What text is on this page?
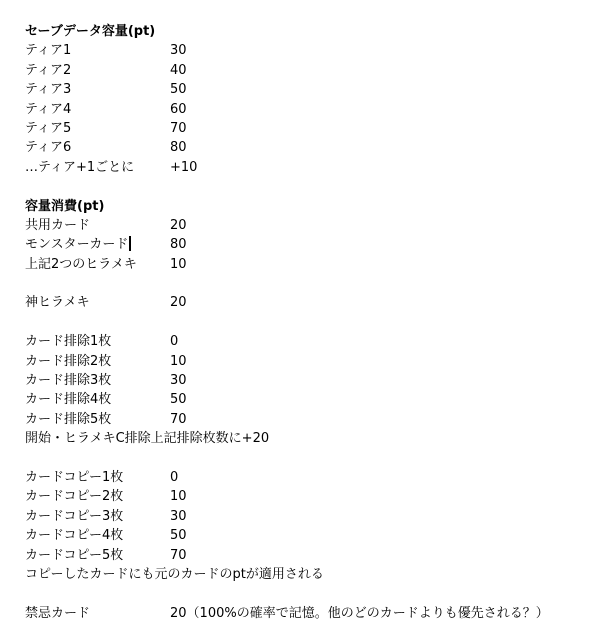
セーブデータ容量(pt)
ティア1	30
ティア2	40
ティア3	50
ティア4	60
ティア5	70
ティア6	80
…ティア+1ごとに	+10
容量消費(pt)
共用カード	20
モンスターカード	80
上記2つのヒラメキ	10
神ヒラメキ	20
カード排除1枚	0
カード排除2枚	10
カード排除3枚	30
カード排除4枚	50
カード排除5枚	70
開始・ヒラメキC排除上記排除枚数に+20
カードコピー1枚	0
カードコピー2枚	10
カードコピー3枚	30
カードコピー4枚	50
カードコピー5枚	70
コピーしたカードにも元のカードのptが適用される
禁忌カード	20（100%の確率で記憶。他のどのカードよりも優先される？）
